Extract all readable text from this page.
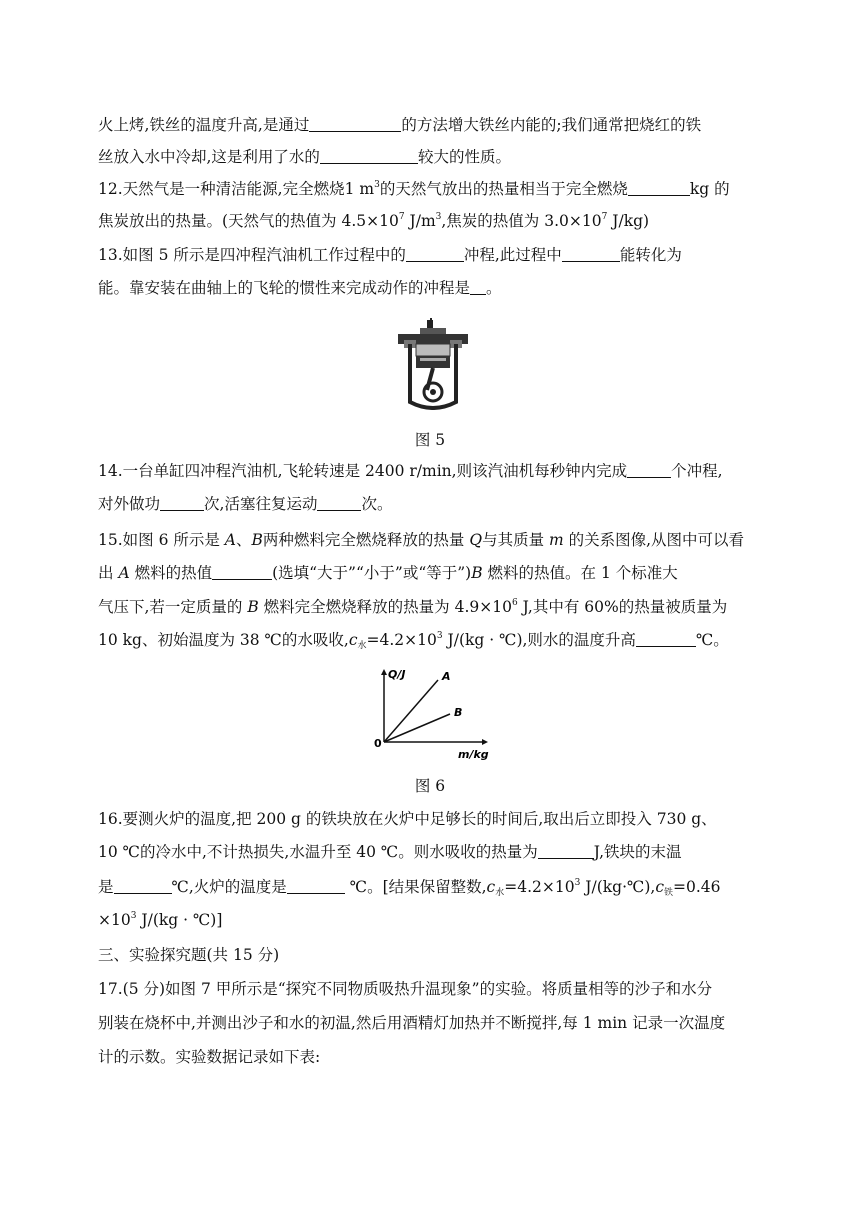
火上烤,铁丝的温度升高,是通过	的方法增大铁丝内能的;我们通常把烧红的铁
丝放入水中冷却,这是利用了水的	较大的性质。
12.天然气是一种清洁能源,完全燃烧1 $m^3$的天然气放出的热量相当于完全燃烧	kg 的
焦炭放出的热量。(天然气的热值为 $4.5\times 10^7$ $J/m^3$,焦炭的热值为 $3.0\times 10^7$ J/kg)
13.如图 5 所示是四冲程汽油机工作过程中的	冲程,此过程中	能转化为
能。靠安装在曲轴上的飞轮的惯性来完成动作的冲程是 。
图 5
14.一台单缸四冲程汽油机,飞轮转速是 2400 r/min,则该汽油机每秒钟内完成	个冲程,
对外做功	次,活塞往复运动	次。
15.如图 6 所示是 A、B两种燃料完全燃烧释放的热量 Q与其质量 m 的关系图像,从图中可以看
出 A 燃料的热值	(选填“大于”“小于”或“等于”)B 燃料的热值。在 1 个标准大
气压下,若一定质量的 B 燃料完全燃烧释放的热量为 $4.9\times 10^6$ J,其中有 60%的热量被质量为
10 kg、初始温度为 38 ℃的水吸收$,c_水=4.2\times 10^3$ J/(kg · ℃),则水的温度升高	℃。
Q/J
m/kg
0
A
B
图 6
16.要测火炉的温度,把 200 g 的铁块放在火炉中足够长的时间后,取出后立即投入 730 g、
10 ℃的冷水中,不计热损失,水温升至 40 ℃。则水吸收的热量为	J,铁块的末温
是	℃,火炉的温度是	℃。[结果保留整数$,c_水=4.2\times 10^3$ $J/(kg\cdot℃),c_铁=0.46$
$\times 10^3$ J/(kg · ℃)]
三、实验探究题(共 15 分)
17.(5 分)如图 7 甲所示是“探究不同物质吸热升温现象”的实验。将质量相等的沙子和水分
别装在烧杯中,并测出沙子和水的初温,然后用酒精灯加热并不断搅拌,每 1 min 记录一次温度
计的示数。实验数据记录如下表:
